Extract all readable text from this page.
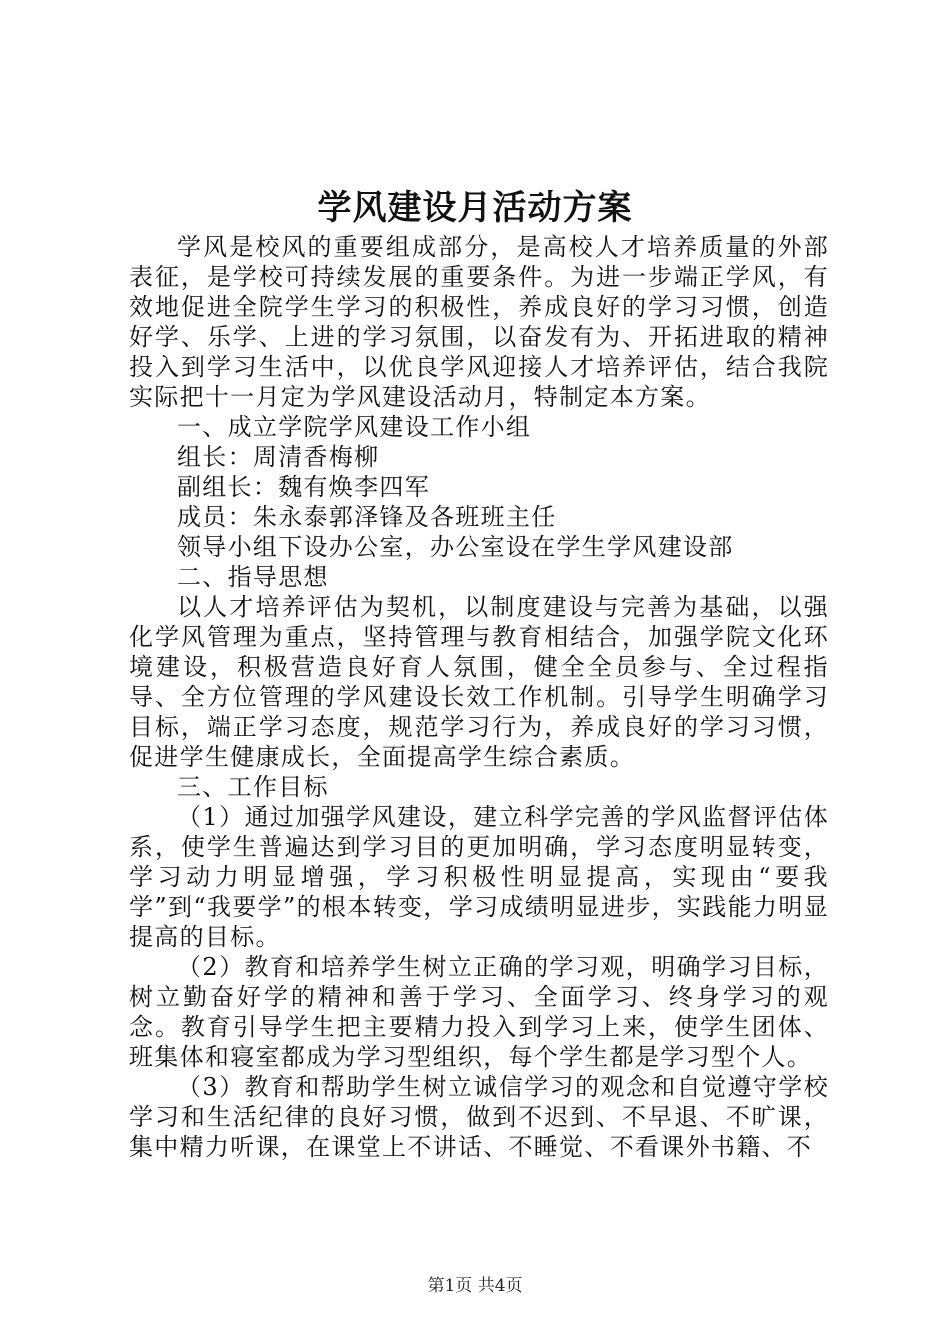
学风建设月活动方案

学风是校风的重要组成部分，是高校人才培养质量的外部表征，是学校可持续发展的重要条件。为进一步端正学风，有效地促进全院学生学习的积极性，养成良好的学习习惯，创造好学、乐学、上进的学习氛围，以奋发有为、开拓进取的精神投入到学习生活中，以优良学风迎接人才培养评估，结合我院实际把十一月定为学风建设活动月，特制定本方案。

一、成立学院学风建设工作小组

组长：周清香梅柳

副组长：魏有焕李四军

成员：朱永泰郭泽锋及各班班主任

领导小组下设办公室，办公室设在学生学风建设部

二、指导思想

以人才培养评估为契机，以制度建设与完善为基础，以强化学风管理为重点，坚持管理与教育相结合，加强学院文化环境建设，积极营造良好育人氛围，健全全员参与、全过程指导、全方位管理的学风建设长效工作机制。引导学生明确学习目标，端正学习态度，规范学习行为，养成良好的学习习惯，促进学生健康成长，全面提高学生综合素质。

三、工作目标

（1）通过加强学风建设，建立科学完善的学风监督评估体系，使学生普遍达到学习目的更加明确，学习态度明显转变，学习动力明显增强，学习积极性明显提高，实现由“要我学”到“我要学”的根本转变，学习成绩明显进步，实践能力明显提高的目标。

（2）教育和培养学生树立正确的学习观，明确学习目标，树立勤奋好学的精神和善于学习、全面学习、终身学习的观念。教育引导学生把主要精力投入到学习上来，使学生团体、班集体和寝室都成为学习型组织，每个学生都是学习型个人。

（3）教育和帮助学生树立诚信学习的观念和自觉遵守学校学习和生活纪律的良好习惯，做到不迟到、不早退、不旷课，集中精力听课，在课堂上不讲话、不睡觉、不看课外书籍、不

第1页 共4页
